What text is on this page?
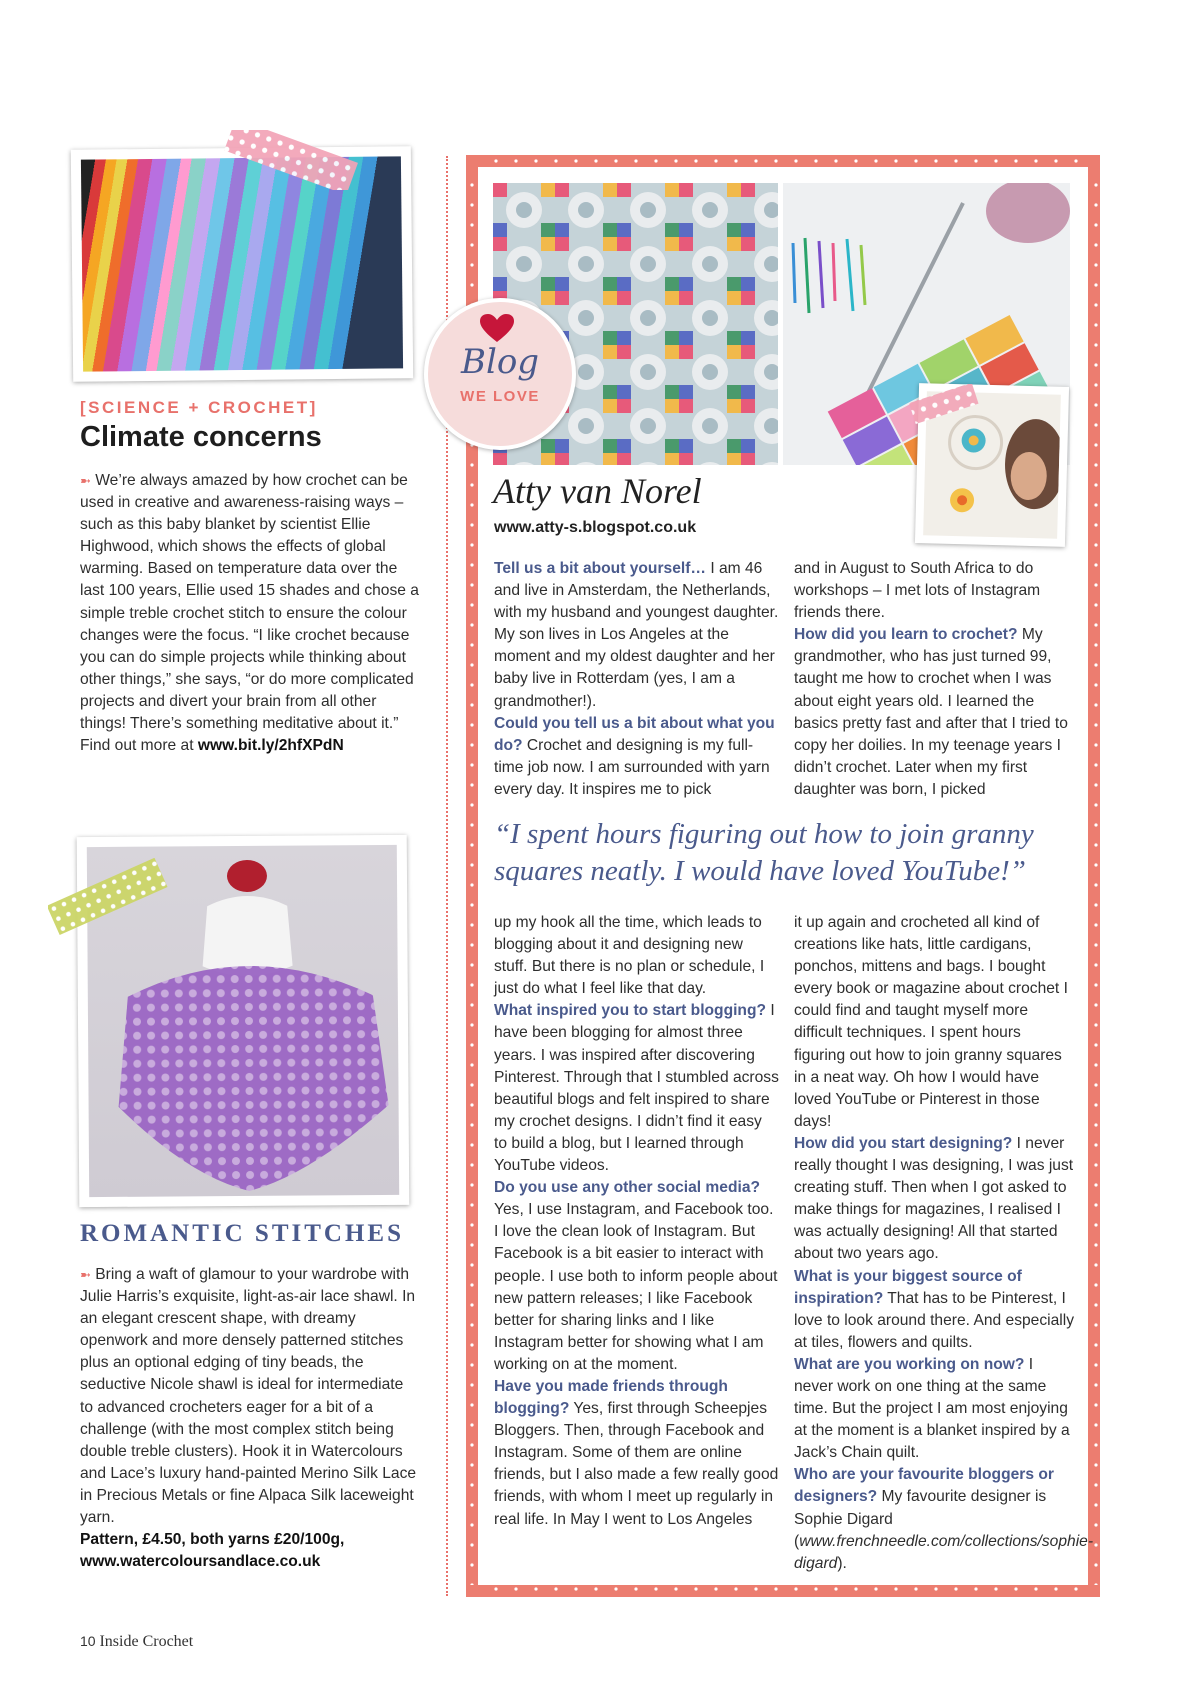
[SCIENCE + CROCHET]
Climate concerns
➼ We’re always amazed by how crochet can be used in creative and awareness-raising ways – such as this baby blanket by scientist Ellie Highwood, which shows the effects of global warming. Based on temperature data over the last 100 years, Ellie used 15 shades and chose a simple treble crochet stitch to ensure the colour changes were the focus. “I like crochet because you can do simple projects while thinking about other things,” she says, “or do more complicated projects and divert your brain from all other things! There’s something meditative about it.” Find out more at www.bit.ly/2hfXPdN
ROMANTIC STITCHES
➼ Bring a waft of glamour to your wardrobe with Julie Harris’s exquisite, light-as-air lace shawl. In an elegant crescent shape, with dreamy openwork and more densely patterned stitches plus an optional edging of tiny beads, the seductive Nicole shawl is ideal for intermediate to advanced crocheters eager for a bit of a challenge (with the most complex stitch being double treble clusters). Hook it in Watercolours and Lace’s luxury hand-painted Merino Silk Lace in Precious Metals or fine Alpaca Silk laceweight yarn.
Pattern, £4.50, both yarns £20/100g,
www.watercoloursandlace.co.uk
Blog
WE LOVE
Atty van Norel
www.atty-s.blogspot.co.uk
Tell us a bit about yourself… I am 46 and live in Amsterdam, the Netherlands, with my husband and youngest daughter. My son lives in Los Angeles at the moment and my oldest daughter and her baby live in Rotterdam (yes, I am a grandmother!).
Could you tell us a bit about what you do? Crochet and designing is my full-time job now. I am surrounded with yarn every day. It inspires me to pick
and in August to South Africa to do workshops – I met lots of Instagram friends there.
How did you learn to crochet? My grandmother, who has just turned 99, taught me how to crochet when I was about eight years old. I learned the basics pretty fast and after that I tried to copy her doilies. In my teenage years I didn’t crochet. Later when my first daughter was born, I picked
“I spent hours figuring out how to join granny squares neatly. I would have loved YouTube!”
up my hook all the time, which leads to blogging about it and designing new stuff. But there is no plan or schedule, I just do what I feel like that day.
What inspired you to start blogging? I have been blogging for almost three years. I was inspired after discovering Pinterest. Through that I stumbled across beautiful blogs and felt inspired to share my crochet designs. I didn’t find it easy to build a blog, but I learned through YouTube videos.
Do you use any other social media? Yes, I use Instagram, and Facebook too. I love the clean look of Instagram. But Facebook is a bit easier to interact with people. I use both to inform people about new pattern releases; I like Facebook better for sharing links and I like Instagram better for showing what I am working on at the moment.
Have you made friends through blogging? Yes, first through Scheepjes Bloggers. Then, through Facebook and Instagram. Some of them are online friends, but I also made a few really good friends, with whom I meet up regularly in real life. In May I went to Los Angeles
it up again and crocheted all kind of creations like hats, little cardigans, ponchos, mittens and bags. I bought every book or magazine about crochet I could find and taught myself more difficult techniques. I spent hours figuring out how to join granny squares in a neat way. Oh how I would have loved YouTube or Pinterest in those days!
How did you start designing? I never really thought I was designing, I was just creating stuff. Then when I got asked to make things for magazines, I realised I was actually designing! All that started about two years ago.
What is your biggest source of inspiration? That has to be Pinterest, I love to look around there. And especially at tiles, flowers and quilts.
What are you working on now? I never work on one thing at the same time. But the project I am most enjoying at the moment is a blanket inspired by a Jack’s Chain quilt.
Who are your favourite bloggers or designers? My favourite designer is Sophie Digard (www.frenchneedle.com/collections/sophie-digard).
10 Inside Crochet
